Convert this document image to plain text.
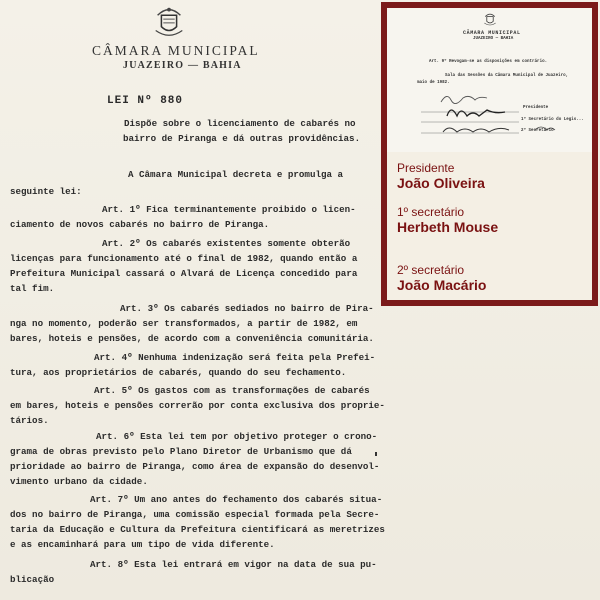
CÂMARA MUNICIPAL
JUAZEIRO — BAHIA
LEI Nº 880
Dispõe sobre o licenciamento de cabarés no
bairro de Piranga e dá outras providências.
A Câmara Municipal decreta e promulga a
seguinte lei:
Art. 1º Fica terminantemente proibido o licen-
ciamento de novos cabarés no bairro de Piranga.
Art. 2º Os cabarés existentes somente obterão
licenças para funcionamento até o final de 1982, quando então a
Prefeitura Municipal cassará o Alvará de Licença concedido para
tal fim.
Art. 3º Os cabarés sediados no bairro de Pira-
nga no momento, poderão ser transformados, a partir de 1982, em
bares, hoteis e pensões, de acordo com a conveniência comunitária.
Art. 4º Nenhuma indenização será feita pela Prefei-
tura, aos proprietários de cabarés, quando do seu fechamento.
Art. 5º Os gastos com as transformações de cabarés
em bares, hoteis e pensões correrão por conta exclusiva dos proprie-
tários.
Art. 6º Esta lei tem por objetivo proteger o crono-
grama de obras previsto pelo Plano Diretor de Urbanismo que dá
prioridade ao bairro de Piranga, como área de expansão do desenvol-
vimento urbano da cidade.
Art. 7º Um ano antes do fechamento dos cabarés situa-
dos no bairro de Piranga, uma comissão especial formada pela Secre-
taria da Educação e Cultura da Prefeitura cientificará as meretrizes
e as encaminhará para um tipo de vida diferente.
Art. 8º Esta lei entrará em vigor na data de sua pu-
blicação
CÂMARA MUNICIPAL
JUAZEIRO — BAHIA
Art. 9º Revogam-se as disposições em contrário.
Sala das Sessões da Câmara Municipal de Juazeiro,
maio de 1982.
Presidente
1º Secretário do Legis...
2º Secretário
Presidente
João Oliveira
1º secretário
Herbeth Mouse
2º secretário
João Macário
